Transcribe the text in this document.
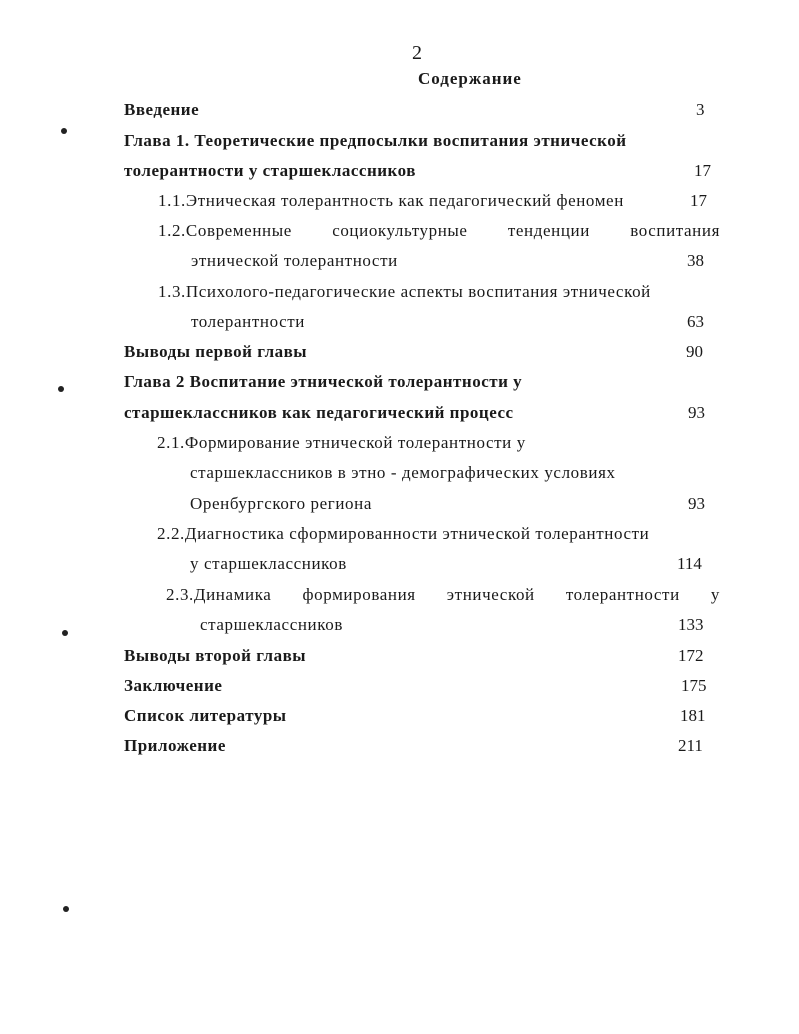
2
Содержание
Введение	3
Глава 1. Теоретические предпосылки воспитания этнической
толерантности у старшеклассников	17
1.1.Этническая толерантность как педагогический феномен	17
1.2.Современные социокультурные тенденции воспитания
этнической толерантности	38
1.3.Психолого-педагогические аспекты воспитания этнической
толерантности	63
Выводы первой главы	90
Глава 2 Воспитание этнической толерантности у
старшеклассников как педагогический процесс	93
2.1.Формирование этнической толерантности у
старшеклассников в этно - демографических условиях
Оренбургского региона	93
2.2.Диагностика сформированности этнической толерантности
у старшеклассников	114
2.3.Динамика формирования этнической толерантности у
старшеклассников	133
Выводы второй главы	172
Заключение	175
Список литературы	181
Приложение	211
